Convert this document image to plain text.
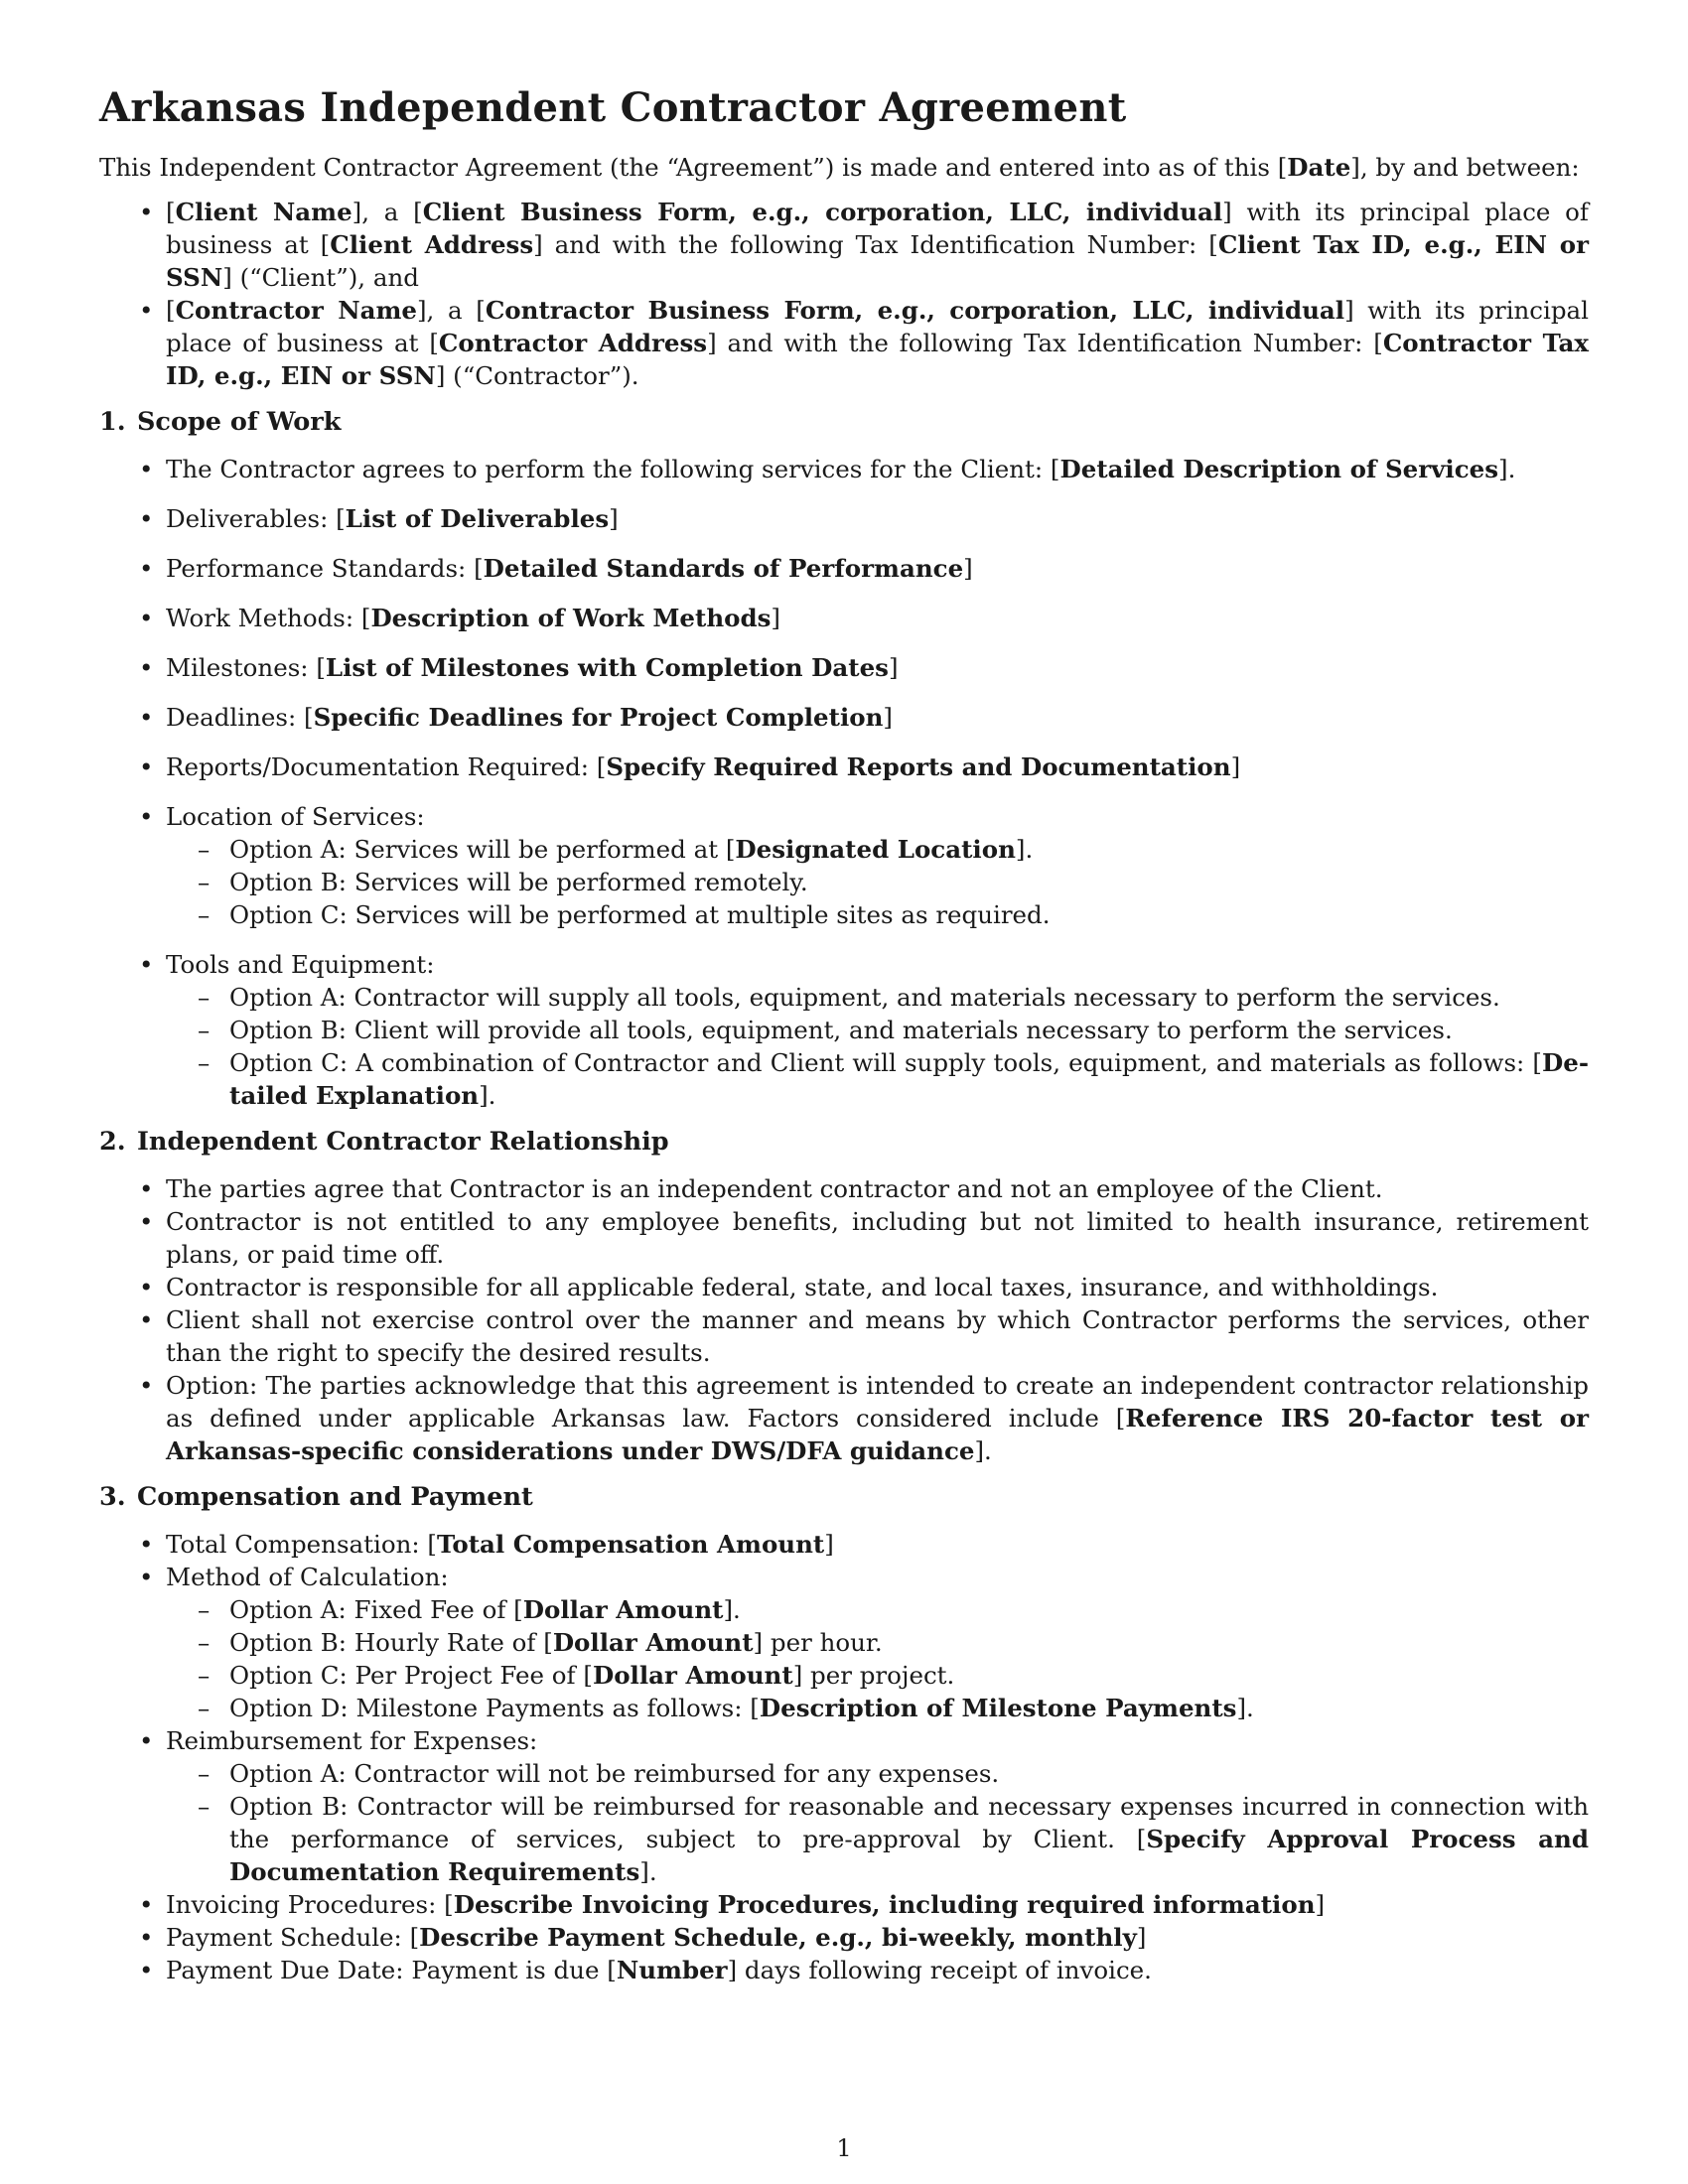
Arkansas Independent Contractor Agreement

This Independent Contractor Agreement (the “Agreement”) is made and entered into as of this [Date], by and between:

• [Client Name], a [Client Business Form, e.g., corporation, LLC, individual] with its principal place of business at [Client Address] and with the following Tax Identification Number: [Client Tax ID, e.g., EIN or SSN] (“Client”), and
• [Contractor Name], a [Contractor Business Form, e.g., corporation, LLC, individual] with its principal place of business at [Contractor Address] and with the following Tax Identification Number: [Contractor Tax ID, e.g., EIN or SSN] (“Contractor”).
1. Scope of Work
• The Contractor agrees to perform the following services for the Client: [Detailed Description of Services].
• Deliverables: [List of Deliverables]
• Performance Standards: [Detailed Standards of Performance]
• Work Methods: [Description of Work Methods]
• Milestones: [List of Milestones with Completion Dates]
• Deadlines: [Specific Deadlines for Project Completion]
• Reports/Documentation Required: [Specify Required Reports and Documentation]
• Location of Services:
– Option A: Services will be performed at [Designated Location].
– Option B: Services will be performed remotely.
– Option C: Services will be performed at multiple sites as required.
• Tools and Equipment:
– Option A: Contractor will supply all tools, equipment, and materials necessary to perform the services.
– Option B: Client will provide all tools, equipment, and materials necessary to perform the services.
– Option C: A combination of Contractor and Client will supply tools, equipment, and materials as follows: [De-tailed Explanation].
2. Independent Contractor Relationship
• The parties agree that Contractor is an independent contractor and not an employee of the Client.
• Contractor is not entitled to any employee benefits, including but not limited to health insurance, retirement plans, or paid time off.
• Contractor is responsible for all applicable federal, state, and local taxes, insurance, and withholdings.
• Client shall not exercise control over the manner and means by which Contractor performs the services, other than the right to specify the desired results.
• Option: The parties acknowledge that this agreement is intended to create an independent contractor relationship as defined under applicable Arkansas law. Factors considered include [Reference IRS 20-factor test or Arkansas-specific considerations under DWS/DFA guidance].
3. Compensation and Payment
• Total Compensation: [Total Compensation Amount]
• Method of Calculation:
– Option A: Fixed Fee of [Dollar Amount].
– Option B: Hourly Rate of [Dollar Amount] per hour.
– Option C: Per Project Fee of [Dollar Amount] per project.
– Option D: Milestone Payments as follows: [Description of Milestone Payments].
• Reimbursement for Expenses:
– Option A: Contractor will not be reimbursed for any expenses.
– Option B: Contractor will be reimbursed for reasonable and necessary expenses incurred in connection with the performance of services, subject to pre-approval by Client. [Specify Approval Process and Documentation Requirements].
• Invoicing Procedures: [Describe Invoicing Procedures, including required information]
• Payment Schedule: [Describe Payment Schedule, e.g., bi-weekly, monthly]
• Payment Due Date: Payment is due [Number] days following receipt of invoice.
1
